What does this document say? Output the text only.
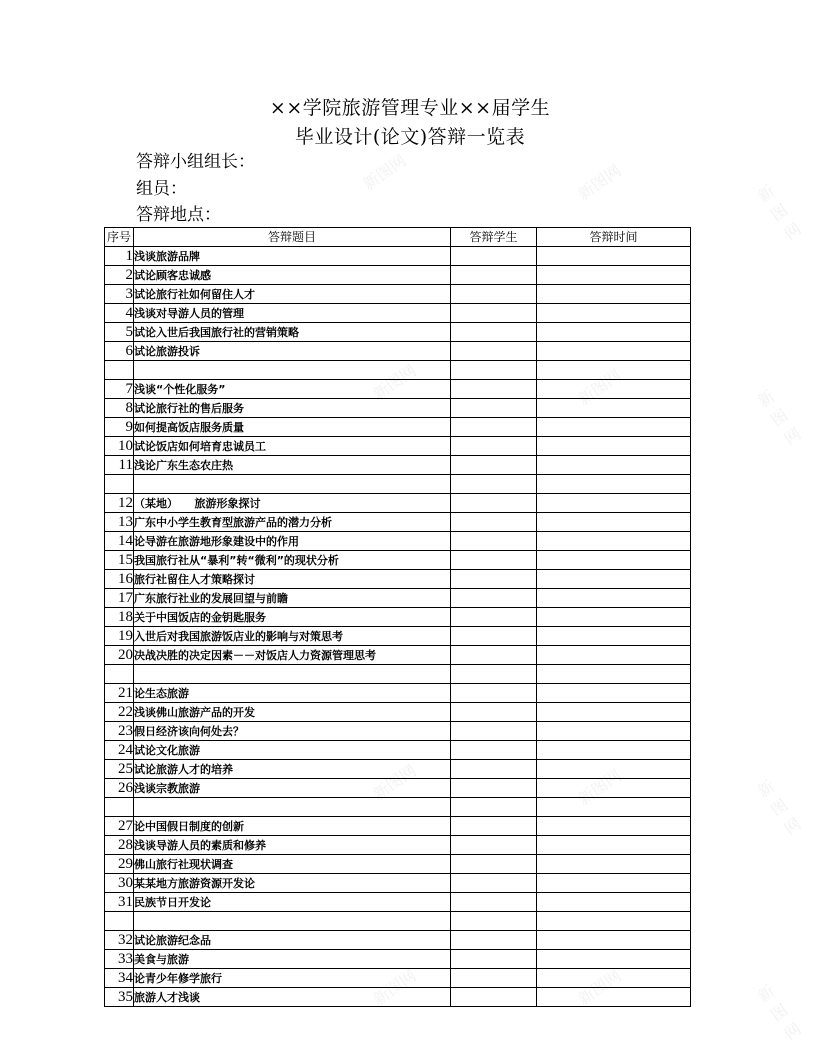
××学院旅游管理专业××届学生
毕业设计(论文)答辩一览表
答辩小组组长：
组员：
答辩地点：
序号	答辩题目	答辩学生	答辩时间
1	浅谈旅游品牌		
2	试论顾客忠诚感		
3	试论旅行社如何留住人才		
4	浅谈对导游人员的管理		
5	试论入世后我国旅行社的营销策略		
6	试论旅游投诉		

7	浅谈“个性化服务”		
8	试论旅行社的售后服务		
9	如何提高饭店服务质量		
10	试论饭店如何培育忠诚员工		
11	浅论广东生态农庄热		

12	（某地）　　旅游形象探讨		
13	广东中小学生教育型旅游产品的潜力分析		
14	论导游在旅游地形象建设中的作用		
15	我国旅行社从“暴利”转“微利”的现状分析		
16	旅行社留住人才策略探讨		
17	广东旅行社业的发展回望与前瞻		
18	关于中国饭店的金钥匙服务		
19	入世后对我国旅游饭店业的影响与对策思考		
20	决战决胜的决定因素－－对饭店人力资源管理思考		

21	论生态旅游		
22	浅谈佛山旅游产品的开发		
23	假日经济该向何处去？		
24	试论文化旅游		
25	试论旅游人才的培养		
26	浅谈宗教旅游		

27	论中国假日制度的创新		
28	浅谈导游人员的素质和修养		
29	佛山旅行社现状调查		
30	某某地方旅游资源开发论		
31	民族节日开发论		

32	试论旅游纪念品		
33	美食与旅游		
34	论青少年修学旅行		
35	旅游人才浅谈		
新图网	新图网	新图网
新图网	新图网	新图网
新图网	新图网	新图网
新图网	新图网	新图网
